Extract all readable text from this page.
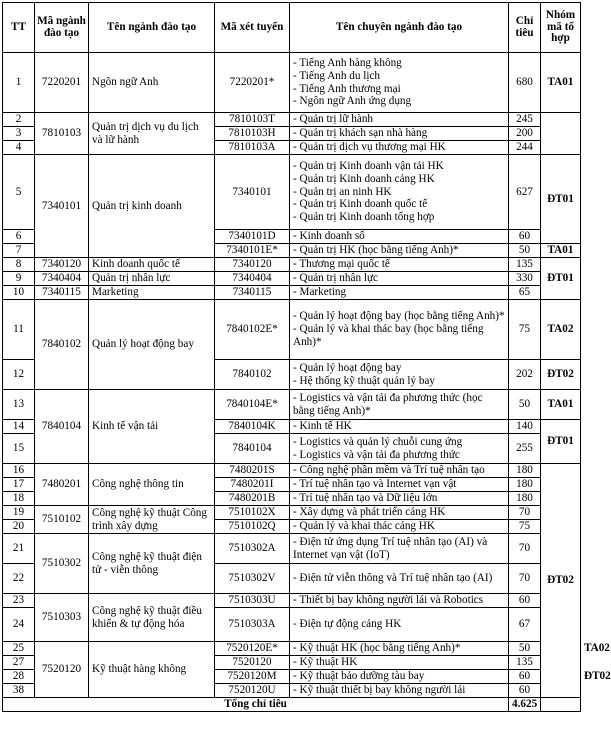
TT	Mã ngành đào tạo	Tên ngành đào tạo	Mã xét tuyển	Tên chuyên ngành đào tạo	Chỉ tiêu	Nhóm mã tổ hợp	
1	7220201	Ngôn ngữ Anh	7220201*	- Tiếng Anh hàng không
- Tiếng Anh du lịch
- Tiếng Anh thương mại
- Ngôn ngữ Anh ứng dụng	680	TA01	
2	7810103	Quản trị dịch vụ du lịch và lữ hành	7810103T	- Quản trị lữ hành	245		
3			7810103H	- Quản trị khách sạn nhà hàng	200		
4			7810103A	- Quản trị dịch vụ thương mại HK	244		
5	7340101	Quản trị kinh doanh	7340101	- Quản trị Kinh doanh vận tải HK
- Quản trị Kinh doanh cảng HK
- Quản trị an ninh HK
- Quản trị Kinh doanh quốc tế
- Quản trị Kinh doanh tổng hợp	627	ĐT01	
6			7340101D	- Kinh doanh số	60		
7			7340101E*	- Quản trị HK (học bằng tiếng Anh)*	50	TA01	
8	7340120	Kinh doanh quốc tế	7340120	- Thương mại quốc tế	135	ĐT01	
9	7340404	Quản trị nhân lực	7340404	- Quản trị nhân lực	330		
10	7340115	Marketing	7340115	- Marketing	65		
11	7840102	Quản lý hoạt động bay	7840102E*	- Quản lý hoạt động bay (học bằng tiếng Anh)*
- Quản lý và khai thác bay (học bằng tiếng Anh)*	75	TA02	
12			7840102	- Quản lý hoạt động bay
- Hệ thống kỹ thuật quản lý bay	202	ĐT02	
13	7840104	Kinh tế vận tải	7840104E*	- Logistics và vận tải đa phương thức (học bằng tiếng Anh)*	50	TA01	
14			7840104K	- Kinh tế HK	140	ĐT01	
15			7840104	- Logistics và quản lý chuỗi cung ứng
- Logistics và vận tải đa phương thức	255		
16	7480201	Công nghệ thông tin	7480201S	- Công nghệ phần mềm và Trí tuệ nhân tạo	180	ĐT02	
17			7480201I	- Trí tuệ nhân tạo và Internet vạn vật	180		
18			7480201B	- Trí tuệ nhân tạo và Dữ liệu lớn	180		
19	7510102	Công nghệ kỹ thuật Công trình xây dựng	7510102X	- Xây dựng và phát triển cảng HK	70		
20			7510102Q	- Quản lý và khai thác cảng HK	75		
21	7510302	Công nghệ kỹ thuật điện tử - viễn thông	7510302A	- Điện tử ứng dụng Trí tuệ nhân tạo (AI) và Internet vạn vật (IoT)	70		
22			7510302V	- Điện tử viễn thông và Trí tuệ nhân tạo (AI)	70		
23	7510303	Công nghệ kỹ thuật điều khiển & tự động hóa	7510303U	- Thiết bị bay không người lái và Robotics	60		
24			7510303A	- Điện tự động cảng HK	67		
25	7520120	Kỹ thuật hàng không	7520120E*	- Kỹ thuật HK (học bằng tiếng Anh)*	50		TA02
27			7520120	- Kỹ thuật HK	135		ĐT02
28			7520120M	- Kỹ thuật bảo dưỡng tàu bay	60		
38			7520120U	- Kỹ thuật thiết bị bay không người lái	60		
Tổng chỉ tiêu					4.625		
